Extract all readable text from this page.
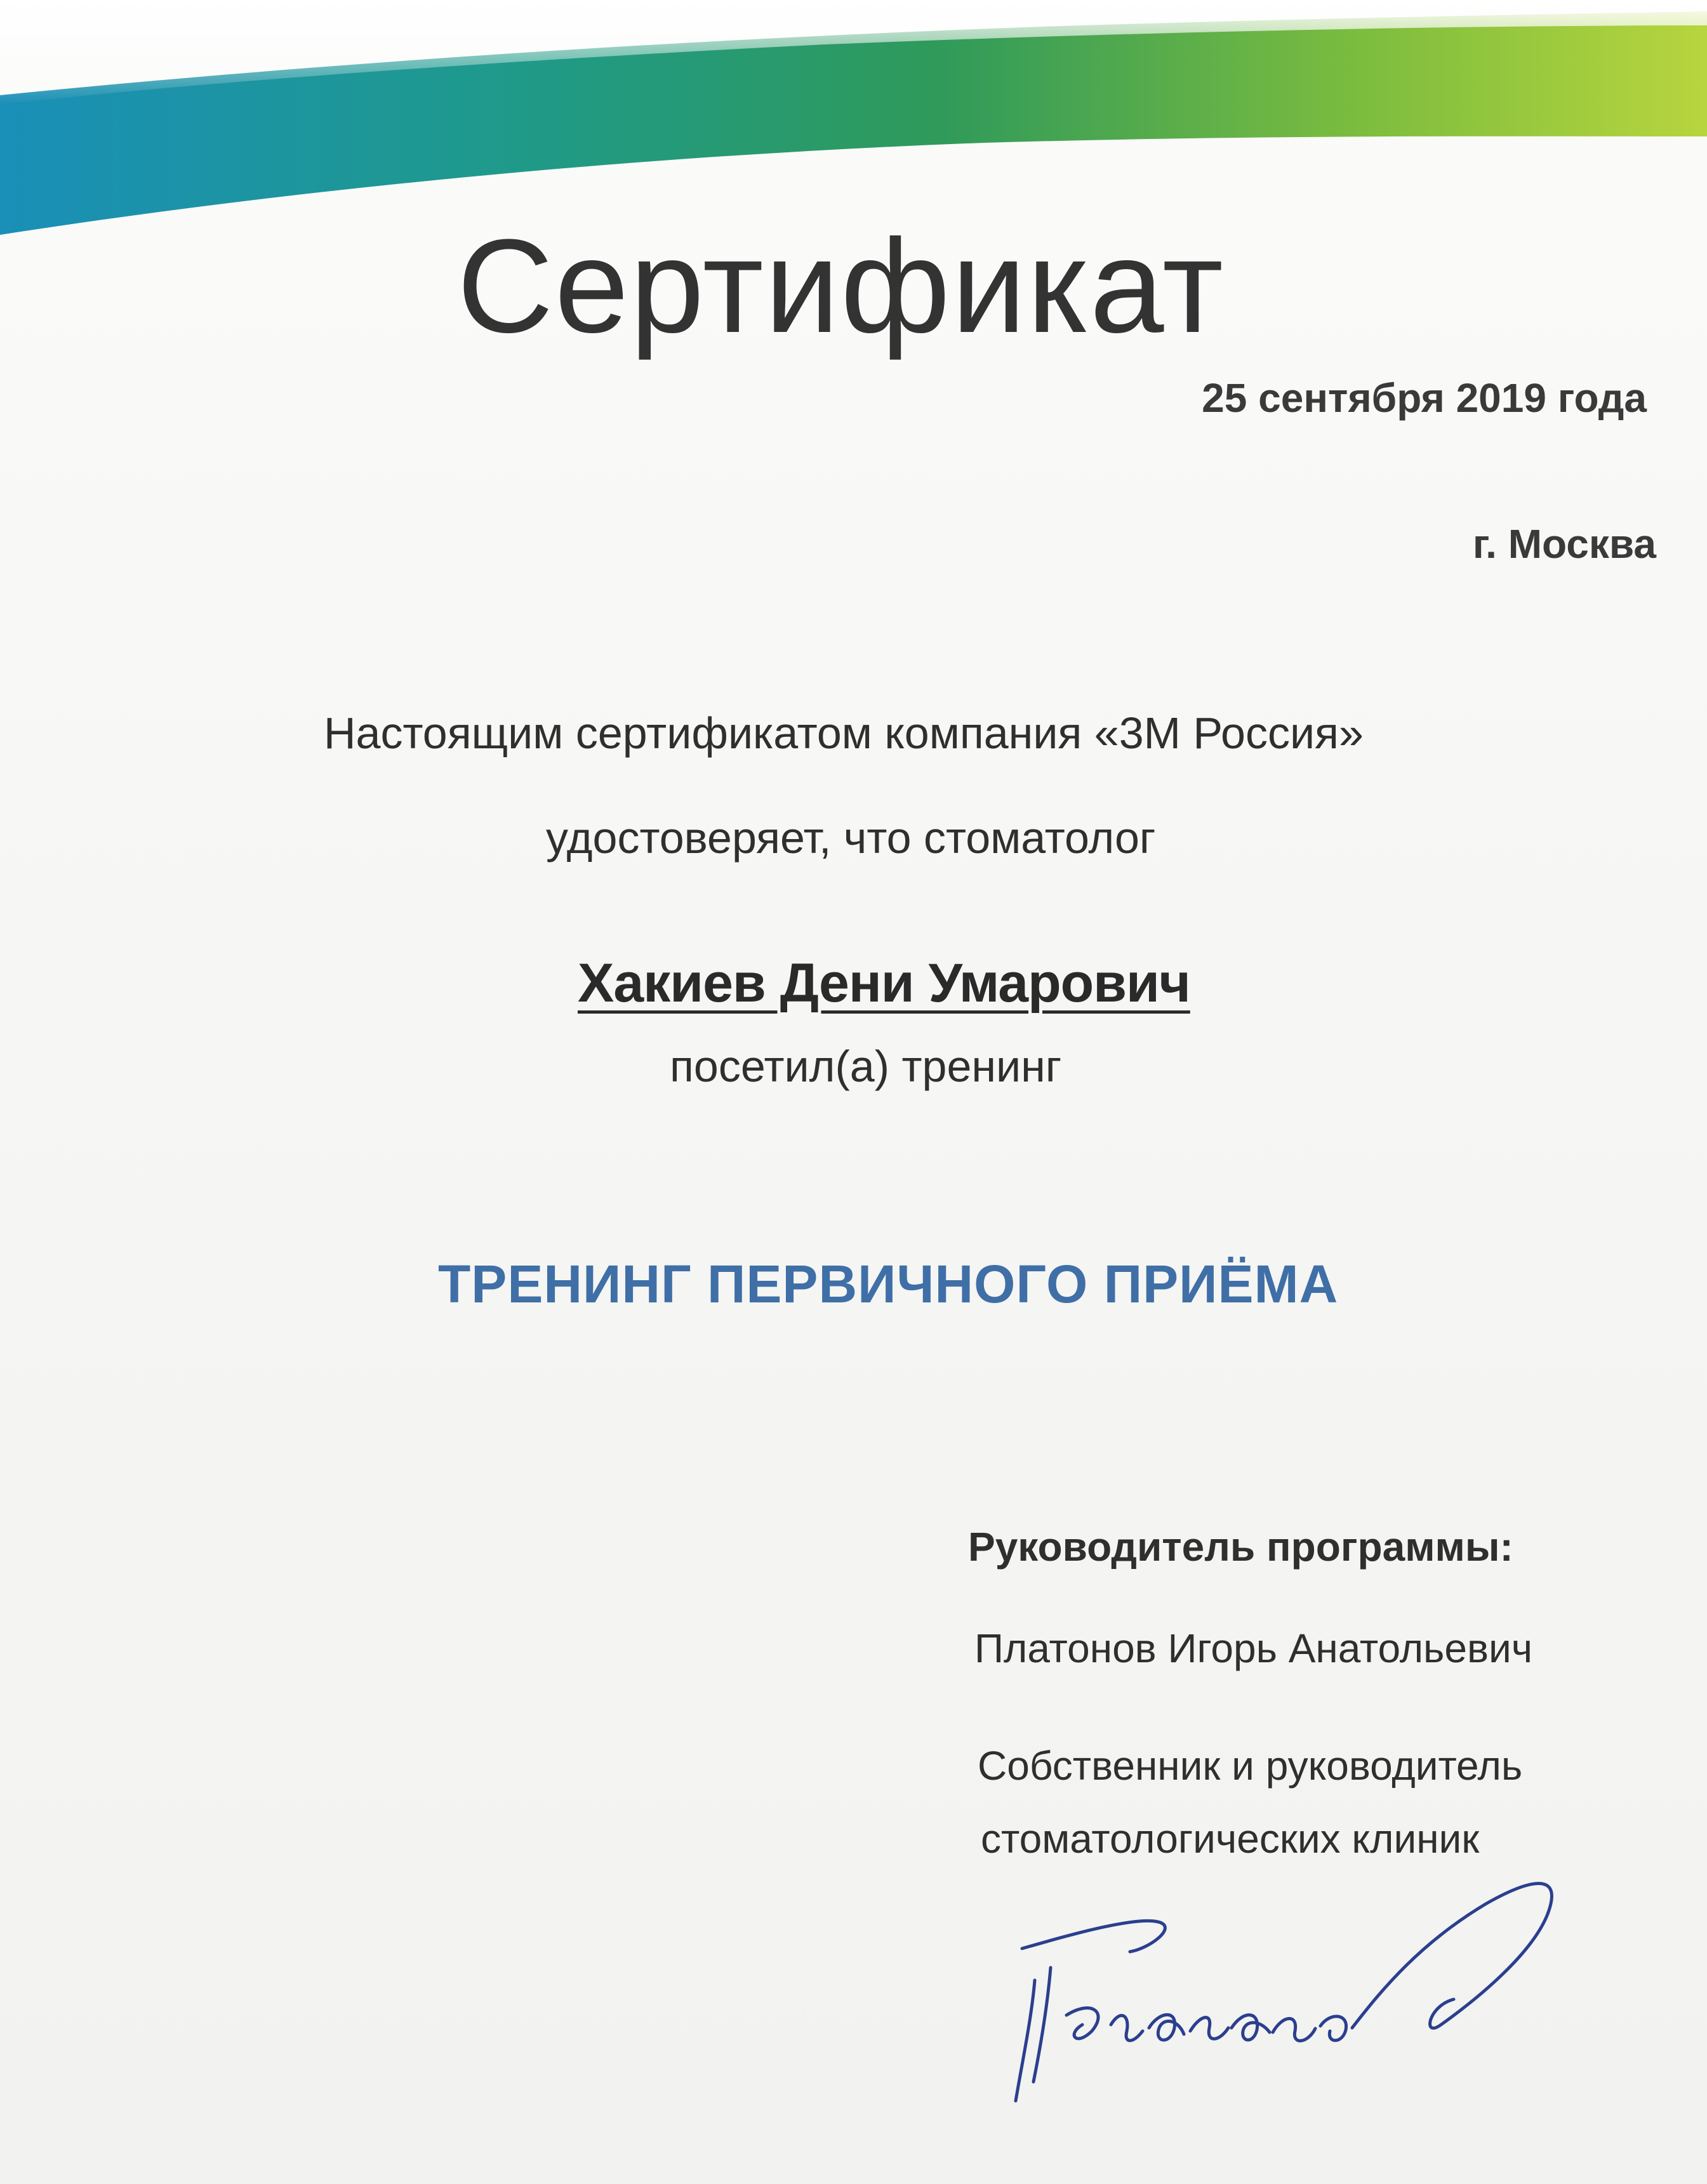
Сертификат
25 сентября 2019 года
г. Москва
Настоящим сертификатом компания «3M Россия»
удостоверяет, что стоматолог
Хакиев Дени Умарович
посетил(а) тренинг
ТРЕНИНГ ПЕРВИЧНОГО ПРИЁМА
Руководитель программы:
Платонов Игорь Анатольевич
Собственник и руководитель
стоматологических клиник
